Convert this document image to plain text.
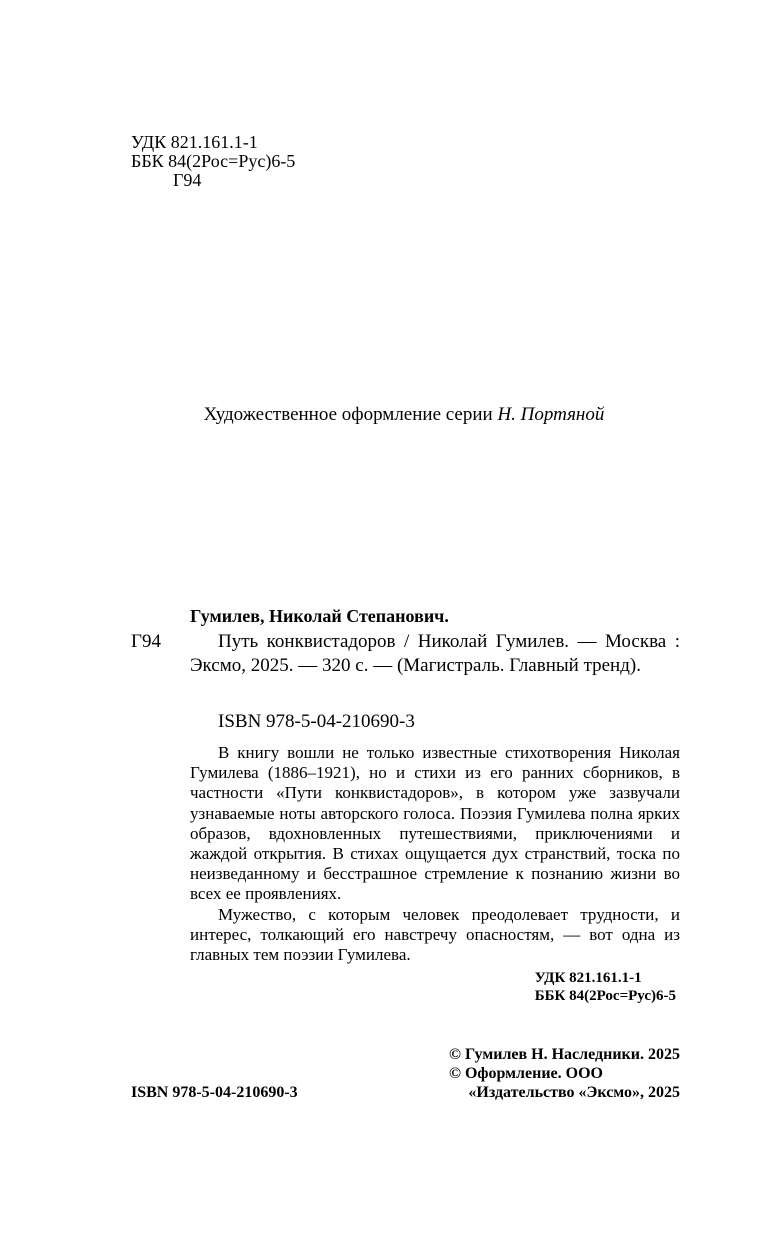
УДК 821.161.1-1
ББК 84(2Рос=Рус)6-5
Г94
Художественное оформление серии Н. Портяной
Гумилев, Николай Степанович.
Г94	Путь конквистадоров / Николай Гумилев. — Москва : Эксмо, 2025. — 320 с. — (Магистраль. Главный тренд).
ISBN 978-5-04-210690-3

В книгу вошли не только известные стихотворения Николая Гумилева (1886–1921), но и стихи из его ранних сборников, в частности «Пути конквистадоров», в котором уже зазвучали узнаваемые ноты авторского голоса. Поэзия Гумилева полна ярких образов, вдохновленных путешествиями, приключениями и жаждой открытия. В стихах ощущается дух странствий, тоска по неизведанному и бесстрашное стремление к познанию жизни во всех ее проявлениях.

Мужество, с которым человек преодолевает трудности, и интерес, толкающий его навстречу опасностям, — вот одна из главных тем поэзии Гумилева.

УДК 821.161.1-1
ББК 84(2Рос=Рус)6-5
ISBN 978-5-04-210690-3
© Гумилев Н. Наследники. 2025
© Оформление. ООО
«Издательство «Эксмо», 2025
